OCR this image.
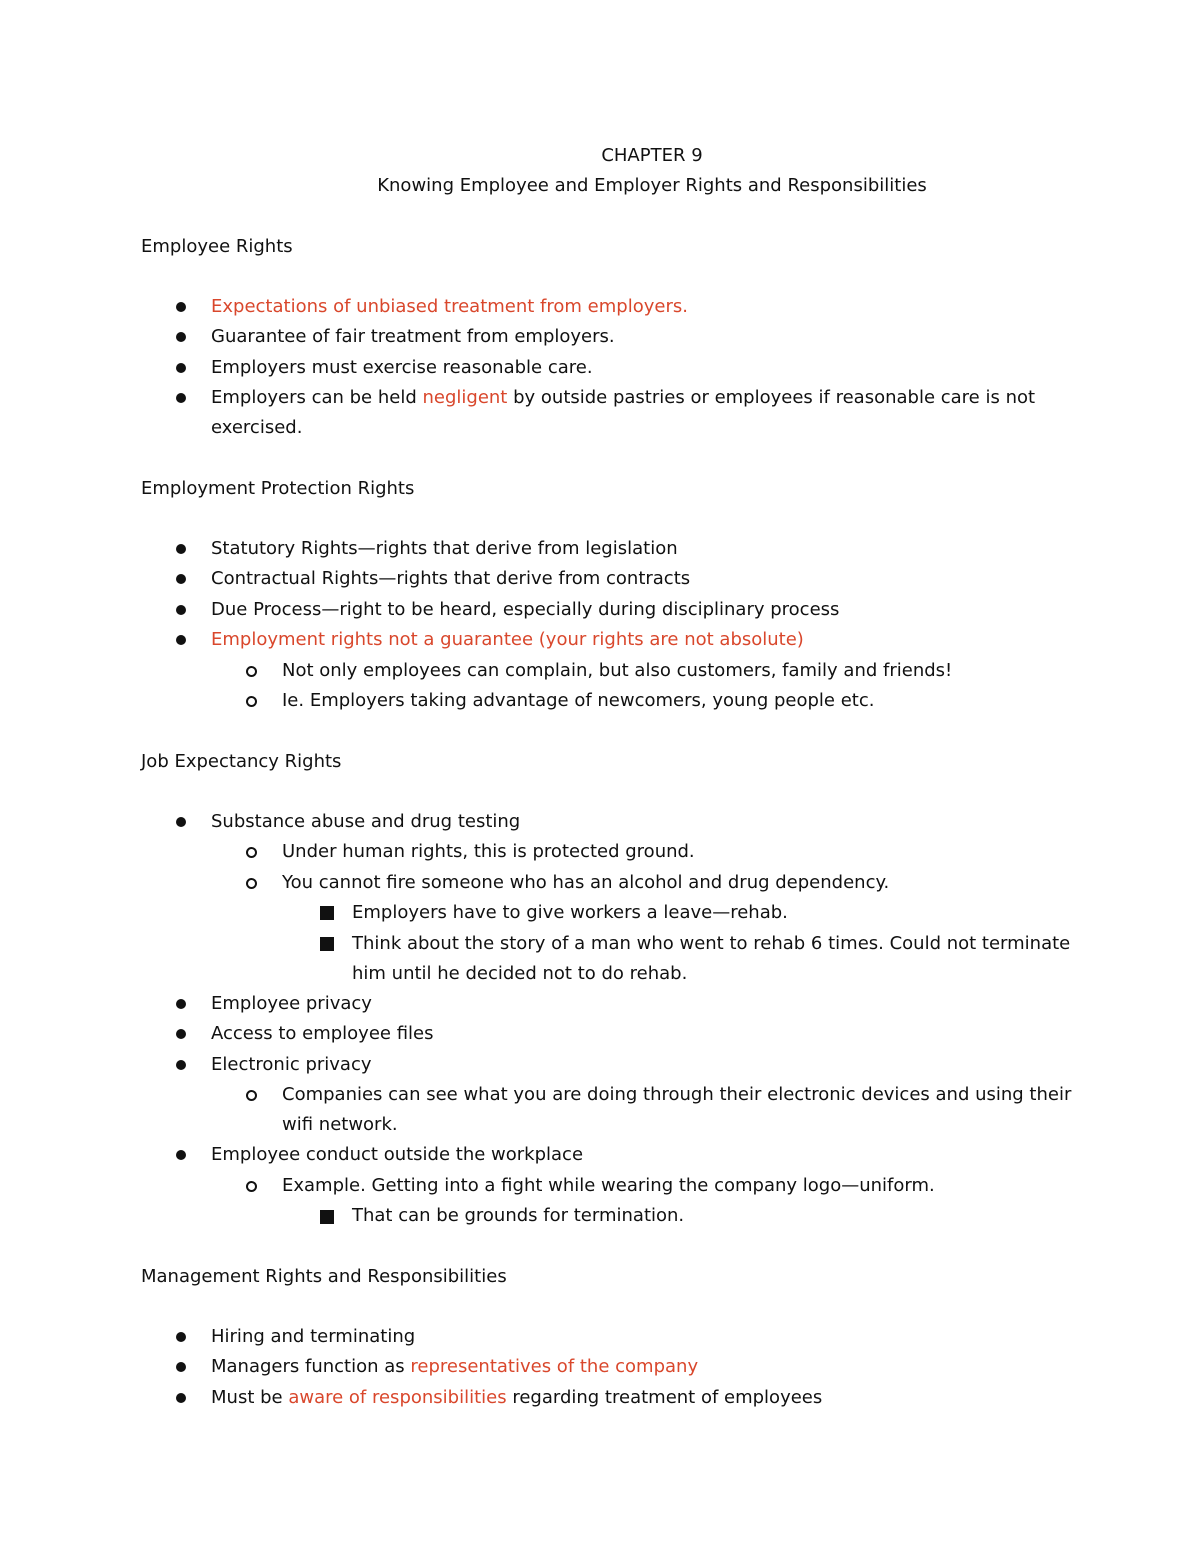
CHAPTER 9
Knowing Employee and Employer Rights and Responsibilities
Employee Rights
Expectations of unbiased treatment from employers.
Guarantee of fair treatment from employers.
Employers must exercise reasonable care.
Employers can be held negligent by outside pastries or employees if reasonable care is not
exercised.
Employment Protection Rights
Statutory Rights—rights that derive from legislation
Contractual Rights—rights that derive from contracts
Due Process—right to be heard, especially during disciplinary process
Employment rights not a guarantee (your rights are not absolute)
Not only employees can complain, but also customers, family and friends!
Ie. Employers taking advantage of newcomers, young people etc.
Job Expectancy Rights
Substance abuse and drug testing
Under human rights, this is protected ground.
You cannot fire someone who has an alcohol and drug dependency.
Employers have to give workers a leave—rehab.
Think about the story of a man who went to rehab 6 times. Could not terminate
him until he decided not to do rehab.
Employee privacy
Access to employee files
Electronic privacy
Companies can see what you are doing through their electronic devices and using their
wifi network.
Employee conduct outside the workplace
Example. Getting into a fight while wearing the company logo—uniform.
That can be grounds for termination.
Management Rights and Responsibilities
Hiring and terminating
Managers function as representatives of the company
Must be aware of responsibilities regarding treatment of employees
